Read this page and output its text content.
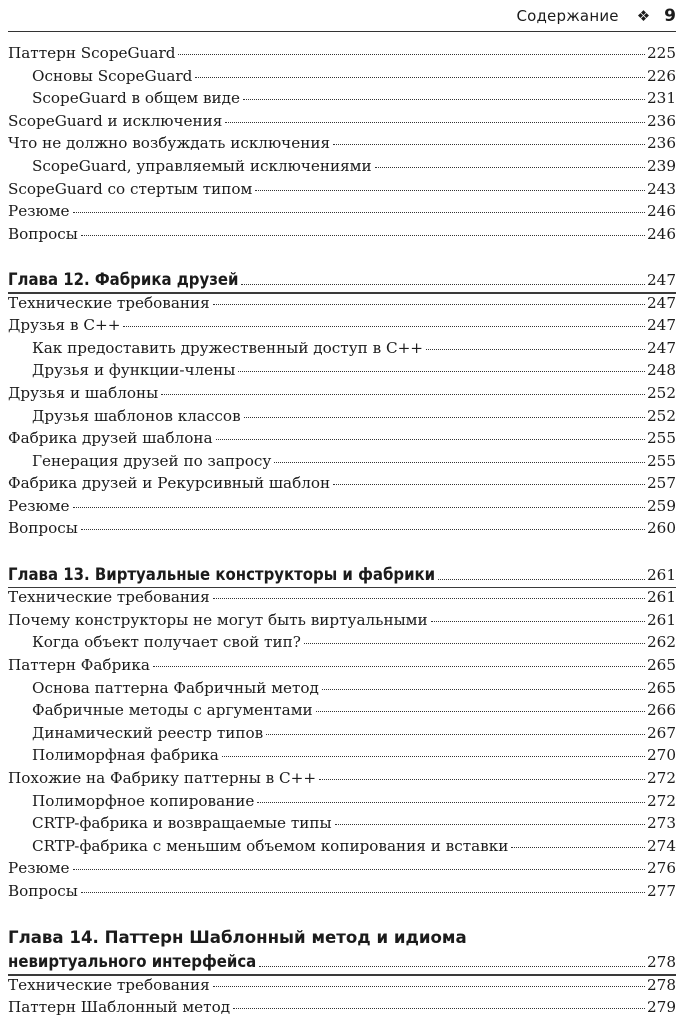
Содержание ❖ 9
Паттерн ScopeGuard	225
Основы ScopeGuard	226
ScopeGuard в общем виде	231
ScopeGuard и исключения	236
Что не должно возбуждать исключения	236
ScopeGuard, управляемый исключениями	239
ScopeGuard со стертым типом	243
Резюме	246
Вопросы	246
Глава 12. Фабрика друзей	247
Технические требования	247
Друзья в С++	247
Как предоставить дружественный доступ в С++	247
Друзья и функции-члены	248
Друзья и шаблоны	252
Друзья шаблонов классов	252
Фабрика друзей шаблона	255
Генерация друзей по запросу	255
Фабрика друзей и Рекурсивный шаблон	257
Резюме	259
Вопросы	260
Глава 13. Виртуальные конструкторы и фабрики	261
Технические требования	261
Почему конструкторы не могут быть виртуальными	261
Когда объект получает свой тип?	262
Паттерн Фабрика	265
Основа паттерна Фабричный метод	265
Фабричные методы с аргументами	266
Динамический реестр типов	267
Полиморфная фабрика	270
Похожие на Фабрику паттерны в С++	272
Полиморфное копирование	272
CRTP-фабрика и возвращаемые типы	273
CRTP-фабрика с меньшим объемом копирования и вставки	274
Резюме	276
Вопросы	277
Глава 14. Паттерн Шаблонный метод и идиома
невиртуального интерфейса	278
Технические требования	278
Паттерн Шаблонный метод	279
